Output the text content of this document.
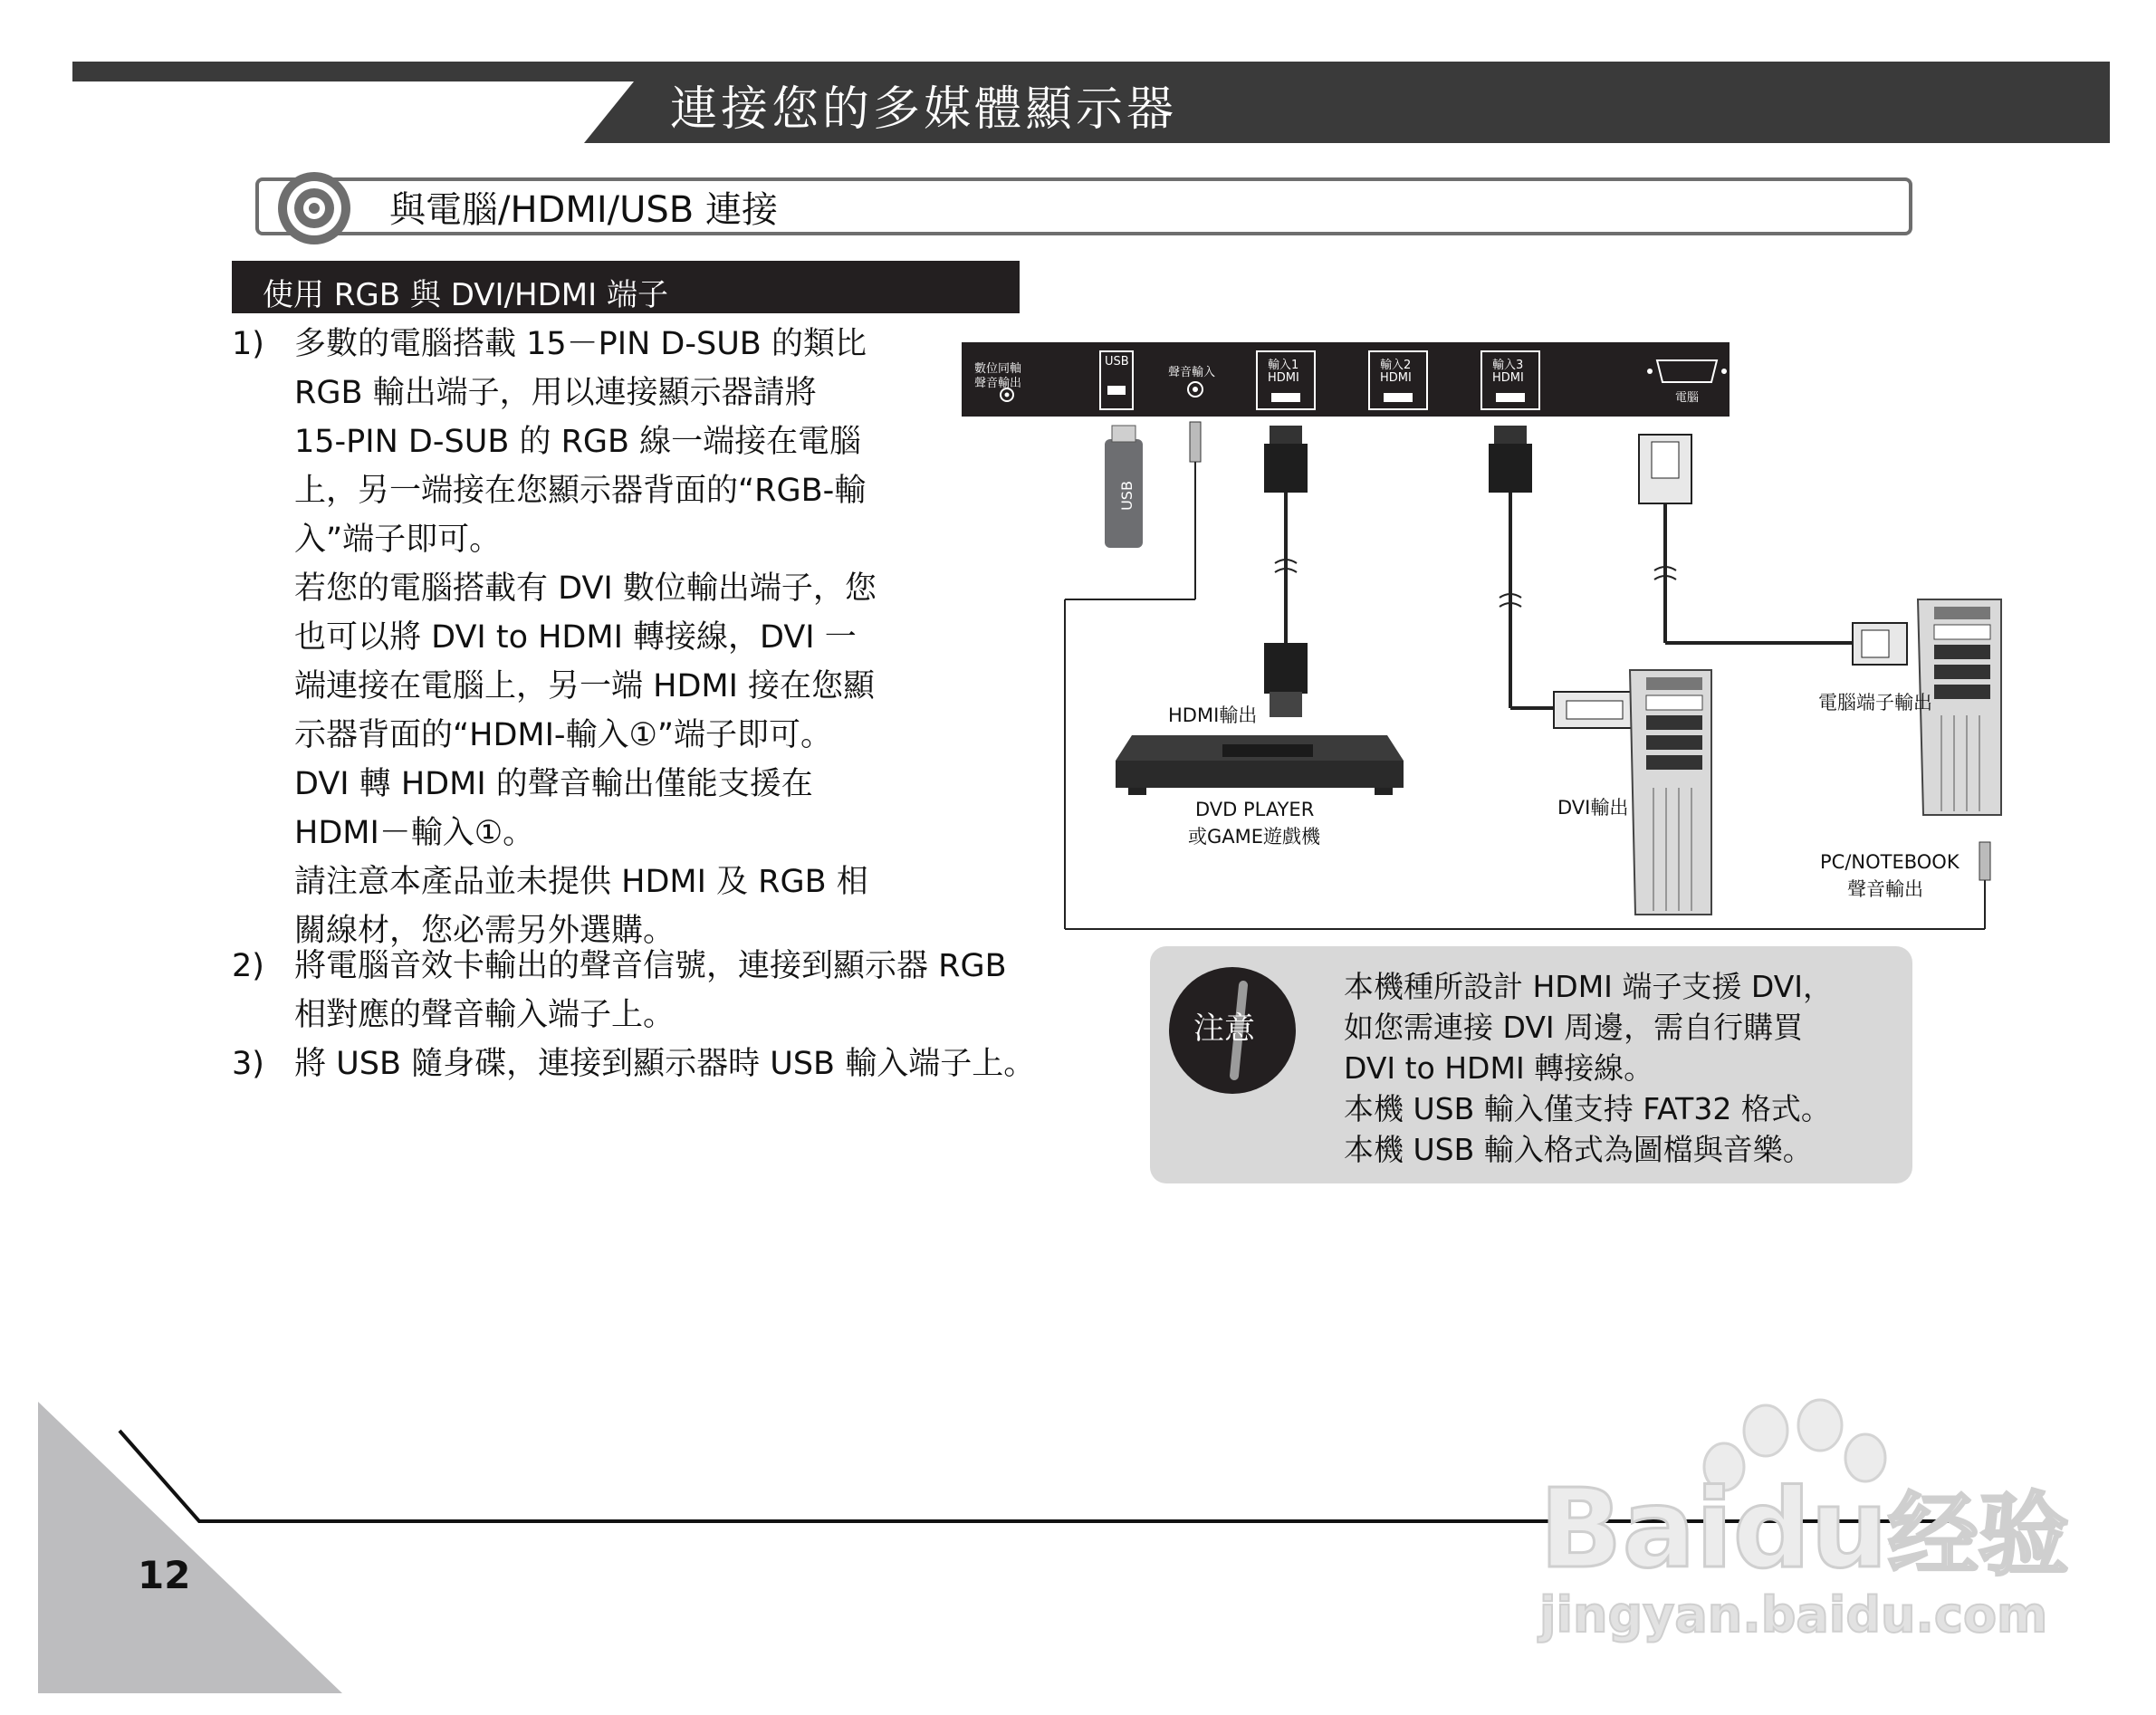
連接您的多媒體顯示器
與電腦/HDMI/USB 連接
使用 RGB 與 DVI/HDMI 端子
1) 多數的電腦搭載 15－PIN D-SUB 的類比
RGB 輸出端子，用以連接顯示器請將
15-PIN D-SUB 的 RGB 線一端接在電腦
上，另一端接在您顯示器背面的“RGB-輸
入”端子即可。
若您的電腦搭載有 DVI 數位輸出端子，您
也可以將 DVI to HDMI 轉接線，DVI 一
端連接在電腦上，另一端 HDMI 接在您顯
示器背面的“HDMI-輸入①”端子即可。
DVI 轉 HDMI 的聲音輸出僅能支援在
HDMI－輸入①。
請注意本產品並未提供 HDMI 及 RGB 相
關線材，您必需另外選購。
2) 將電腦音效卡輸出的聲音信號，連接到顯示器 RGB
相對應的聲音輸入端子上。
3) 將 USB 隨身碟，連接到顯示器時 USB 輸入端子上。
數位同軸
聲音輸出
USB
聲音輸入
輸入1
HDMI
輸入2
HDMI
輸入3
HDMI
電腦
USB
HDMI輸出
DVD PLAYER
或GAME遊戲機
DVI輸出
電腦端子輸出
PC/NOTEBOOK
聲音輸出
注意
本機種所設計 HDMI 端子支援 DVI，
如您需連接 DVI 周邊，需自行購買
DVI to HDMI 轉接線。
本機 USB 輸入僅支持 FAT32 格式。
本機 USB 輸入格式為圖檔與音樂。
12	Baidu经验
jingyan.baidu.com
